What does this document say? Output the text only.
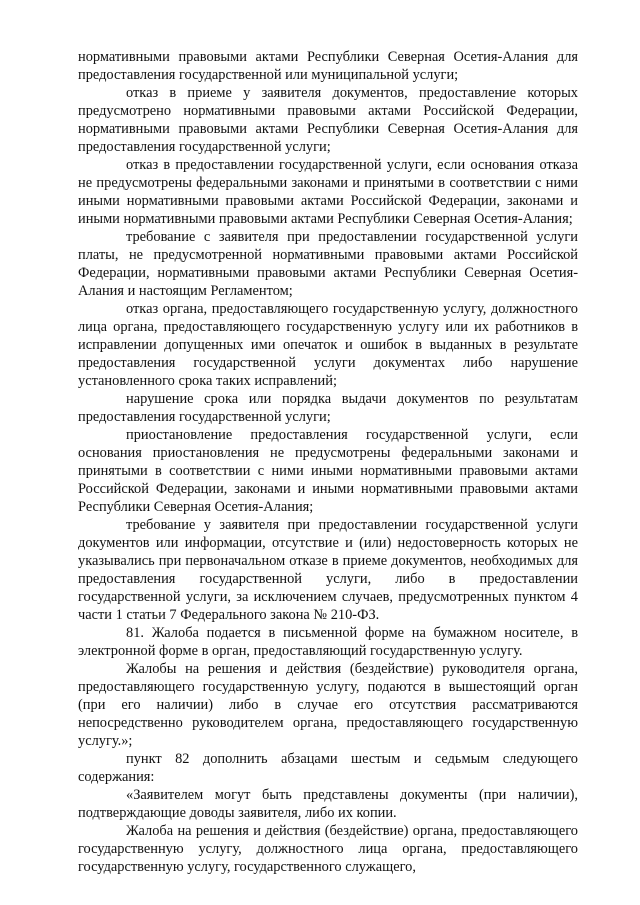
нормативными правовыми актами Республики Северная Осетия-Алания для предоставления государственной или муниципальной услуги;

отказ в приеме у заявителя документов, предоставление которых предусмотрено нормативными правовыми актами Российской Федерации, нормативными правовыми актами Республики Северная Осетия-Алания для предоставления государственной услуги;

отказ в предоставлении государственной услуги, если основания отказа не предусмотрены федеральными законами и принятыми в соответствии с ними иными нормативными правовыми актами Российской Федерации, законами и иными нормативными правовыми актами Республики Северная Осетия-Алания;

требование с заявителя при предоставлении государственной услуги платы, не предусмотренной нормативными правовыми актами Российской Федерации, нормативными правовыми актами Республики Северная Осетия-Алания и настоящим Регламентом;

отказ органа, предоставляющего государственную услугу, должностного лица органа, предоставляющего государственную услугу или их работников в исправлении допущенных ими опечаток и ошибок в выданных в результате предоставления государственной услуги документах либо нарушение установленного срока таких исправлений;

нарушение срока или порядка выдачи документов по результатам предоставления государственной услуги;

приостановление предоставления государственной услуги, если основания приостановления не предусмотрены федеральными законами и принятыми в соответствии с ними иными нормативными правовыми актами Российской Федерации, законами и иными нормативными правовыми актами Республики Северная Осетия-Алания;

требование у заявителя при предоставлении государственной услуги документов или информации, отсутствие и (или) недостоверность которых не указывались при первоначальном отказе в приеме документов, необходимых для предоставления государственной услуги, либо в предоставлении государственной услуги, за исключением случаев, предусмотренных пунктом 4 части 1 статьи 7 Федерального закона № 210-ФЗ.

81. Жалоба подается в письменной форме на бумажном носителе, в электронной форме в орган, предоставляющий государственную услугу.

Жалобы на решения и действия (бездействие) руководителя органа, предоставляющего государственную услугу, подаются в вышестоящий орган (при его наличии) либо в случае его отсутствия рассматриваются непосредственно руководителем органа, предоставляющего государственную услугу.»;

пункт 82 дополнить абзацами шестым и седьмым следующего содержания:

«Заявителем могут быть представлены документы (при наличии), подтверждающие доводы заявителя, либо их копии.

Жалоба на решения и действия (бездействие) органа, предоставляющего государственную услугу, должностного лица органа, предоставляющего государственную услугу, государственного служащего,
